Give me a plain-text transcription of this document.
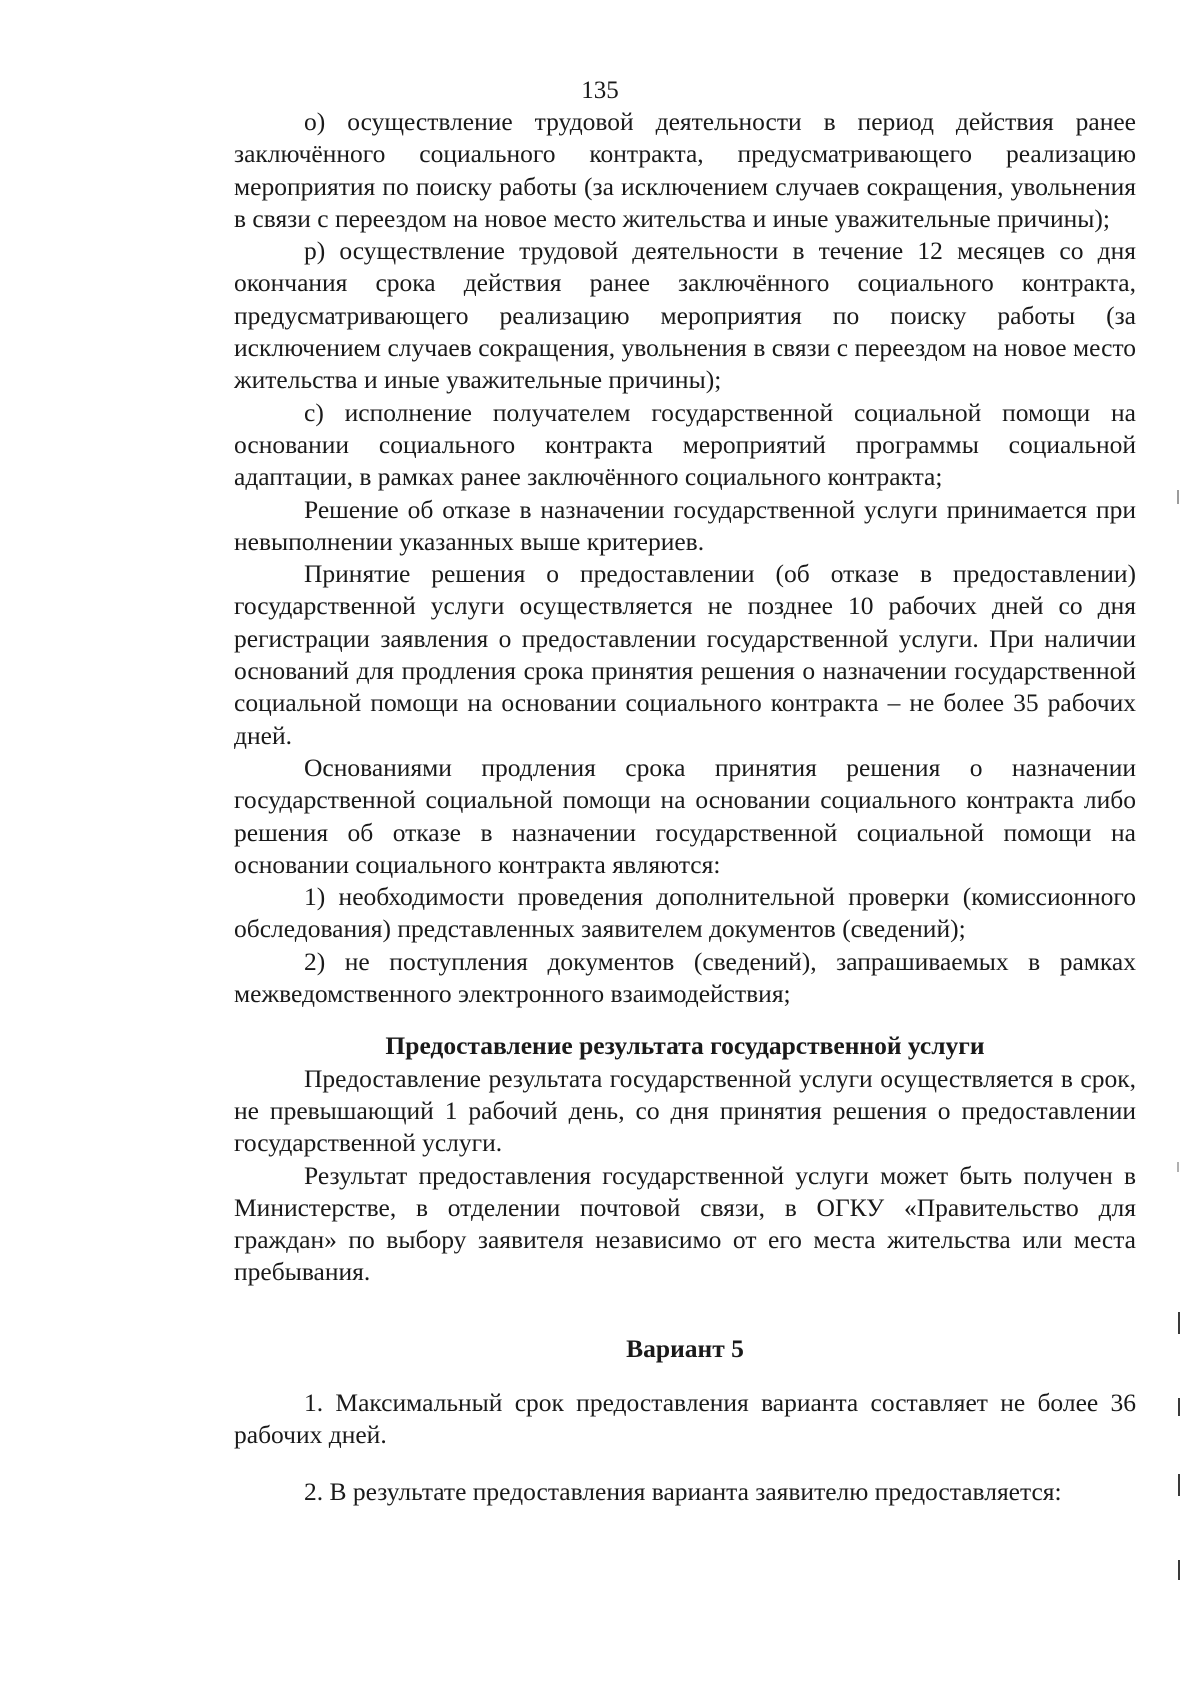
135

о) осуществление трудовой деятельности в период действия ранее заключённого социального контракта, предусматривающего реализацию мероприятия по поиску работы (за исключением случаев сокращения, увольнения в связи с переездом на новое место жительства и иные уважительные причины);

р) осуществление трудовой деятельности в течение 12 месяцев со дня окончания срока действия ранее заключённого социального контракта, предусматривающего реализацию мероприятия по поиску работы (за исключением случаев сокращения, увольнения в связи с переездом на новое место жительства и иные уважительные причины);

с) исполнение получателем государственной социальной помощи на основании социального контракта мероприятий программы социальной адаптации, в рамках ранее заключённого социального контракта;

Решение об отказе в назначении государственной услуги принимается при невыполнении указанных выше критериев.

Принятие решения о предоставлении (об отказе в предоставлении) государственной услуги осуществляется не позднее 10 рабочих дней со дня регистрации заявления о предоставлении государственной услуги. При наличии оснований для продления срока принятия решения о назначении государственной социальной помощи на основании социального контракта – не более 35 рабочих дней.

Основаниями продления срока принятия решения о назначении государственной социальной помощи на основании социального контракта либо решения об отказе в назначении государственной социальной помощи на основании социального контракта являются:

1) необходимости проведения дополнительной проверки (комиссионного обследования) представленных заявителем документов (сведений);

2) не поступления документов (сведений), запрашиваемых в рамках межведомственного электронного взаимодействия;

Предоставление результата государственной услуги

Предоставление результата государственной услуги осуществляется в срок, не превышающий 1 рабочий день, со дня принятия решения о предоставлении государственной услуги.

Результат предоставления государственной услуги может быть получен в Министерстве, в отделении почтовой связи, в ОГКУ «Правительство для граждан» по выбору заявителя независимо от его места жительства или места пребывания.

Вариант 5

1. Максимальный срок предоставления варианта составляет не более 36 рабочих дней.

2. В результате предоставления варианта заявителю предоставляется:
